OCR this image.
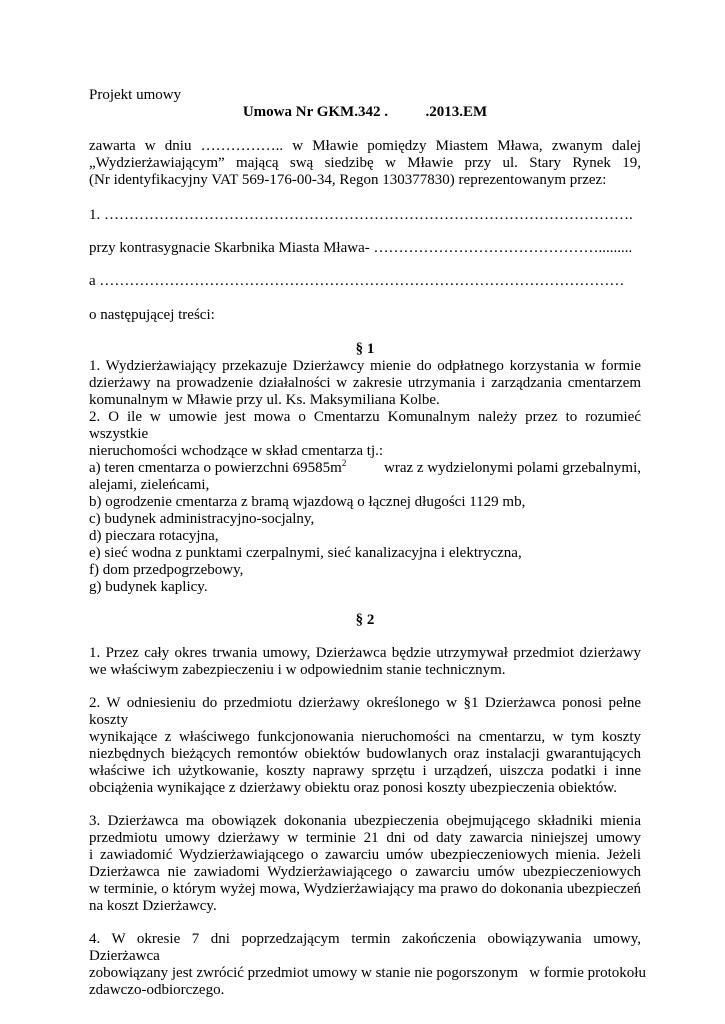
Projekt umowy
Umowa Nr GKM.342 .          .2013.EM
zawarta w dniu …………….. w Mławie pomiędzy Miastem Mława, zwanym dalej
„Wydzierżawiającym” mającą swą siedzibę w Mławie przy ul. Stary Rynek 19,
(Nr identyfikacyjny VAT 569-176-00-34, Regon 130377830) reprezentowanym przez:
1. …………………………………………………………………………………………….
przy kontrasygnacie Skarbnika Miasta Mława- ……………………………………….........
a ……………………………………………………………………………………………
o następującej treści:
§ 1
1. Wydzierżawiający przekazuje Dzierżawcy mienie do odpłatnego korzystania w formie
dzierżawy na prowadzenie działalności w zakresie utrzymania i zarządzania cmentarzem
komunalnym w Mławie przy ul. Ks. Maksymiliana Kolbe.
2. O ile w umowie jest mowa o Cmentarzu Komunalnym należy przez to rozumieć wszystkie
nieruchomości wchodzące w skład cmentarza tj.:
a) teren cmentarza o powierzchni $69585m^2$	wraz z wydzielonymi polami grzebalnymi,
alejami, zieleńcami,
b) ogrodzenie cmentarza z bramą wjazdową o łącznej długości 1129 mb,
c) budynek administracyjno-socjalny,
d) pieczara rotacyjna,
e) sieć wodna z punktami czerpalnymi, sieć kanalizacyjna i elektryczna,
f) dom przedpogrzebowy,
g) budynek kaplicy.
§ 2
1. Przez cały okres trwania umowy, Dzierżawca będzie utrzymywał przedmiot dzierżawy
we właściwym zabezpieczeniu i w odpowiednim stanie technicznym.
2. W odniesieniu do przedmiotu dzierżawy określonego w §1 Dzierżawca ponosi pełne koszty
wynikające z właściwego funkcjonowania nieruchomości na cmentarzu, w tym koszty
niezbędnych bieżących remontów obiektów budowlanych oraz instalacji gwarantujących
właściwe ich użytkowanie, koszty naprawy sprzętu i urządzeń, uiszcza podatki i inne
obciążenia wynikające z dzierżawy obiektu oraz ponosi koszty ubezpieczenia obiektów.
3. Dzierżawca ma obowiązek dokonania ubezpieczenia obejmującego składniki mienia
przedmiotu umowy dzierżawy w terminie 21 dni od daty zawarcia niniejszej umowy
i zawiadomić Wydzierżawiającego o zawarciu umów ubezpieczeniowych mienia. Jeżeli
Dzierżawca nie zawiadomi Wydzierżawiającego o zawarciu umów ubezpieczeniowych
w terminie, o którym wyżej mowa, Wydzierżawiający ma prawo do dokonania ubezpieczeń
na koszt Dzierżawcy.
4. W okresie 7 dni poprzedzającym termin zakończenia obowiązywania umowy, Dzierżawca
zobowiązany jest zwrócić przedmiot umowy w stanie nie pogorszonym   w formie protokołu
zdawczo-odbiorczego.
